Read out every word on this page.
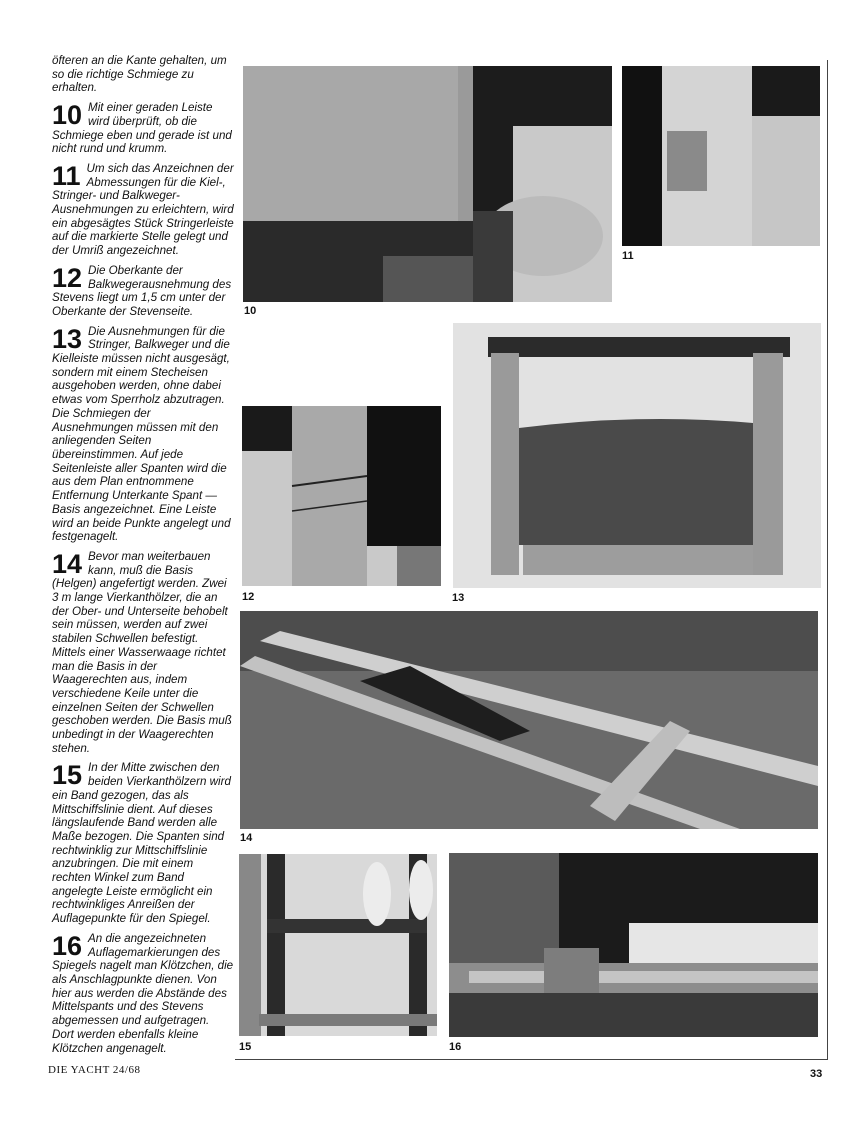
öfteren an die Kante gehalten, um so die richtige Schmiege zu erhalten.

10 Mit einer geraden Leiste wird überprüft, ob die Schmiege eben und gerade ist und nicht rund und krumm.

11 Um sich das Anzeichnen der Abmessungen für die Kiel-, Stringer- und Balkweger-Ausnehmungen zu erleichtern, wird ein abgesägtes Stück Stringerleiste auf die markierte Stelle gelegt und der Umriß angezeichnet.

12 Die Oberkante der Balkwegerausnehmung des Stevens liegt um 1,5 cm unter der Oberkante der Stevenseite.

13 Die Ausnehmungen für die Stringer, Balkweger und die Kielleiste müssen nicht ausgesägt, sondern mit einem Stecheisen ausgehoben werden, ohne dabei etwas vom Sperrholz abzutragen. Die Schmiegen der Ausnehmungen müssen mit den anliegenden Seiten übereinstimmen. Auf jede Seitenleiste aller Spanten wird die aus dem Plan entnommene Entfernung Unterkante Spant — Basis angezeichnet. Eine Leiste wird an beide Punkte angelegt und festgenagelt.

14 Bevor man weiterbauen kann, muß die Basis (Helgen) angefertigt werden. Zwei 3 m lange Vierkanthölzer, die an der Ober- und Unterseite behobelt sein müssen, werden auf zwei stabilen Schwellen befestigt. Mittels einer Wasserwaage richtet man die Basis in der Waagerechten aus, indem verschiedene Keile unter die einzelnen Seiten der Schwellen geschoben werden. Die Basis muß unbedingt in der Waagerechten stehen.

15 In der Mitte zwischen den beiden Vierkanthölzern wird ein Band gezogen, das als Mittschiffslinie dient. Auf dieses längslaufende Band werden alle Maße bezogen. Die Spanten sind rechtwinklig zur Mittschiffslinie anzubringen. Die mit einem rechten Winkel zum Band angelegte Leiste ermöglicht ein rechtwinkliges Anreißen der Auflagepunkte für den Spiegel.

16 An die angezeichneten Auflagemarkierungen des Spiegels nagelt man Klötzchen, die als Anschlagpunkte dienen. Von hier aus werden die Abstände des Mittelspants und des Stevens abgemessen und aufgetragen. Dort werden ebenfalls kleine Klötzchen angenagelt.

10
11
12	13
14
15	16
DIE YACHT 24/68	33
